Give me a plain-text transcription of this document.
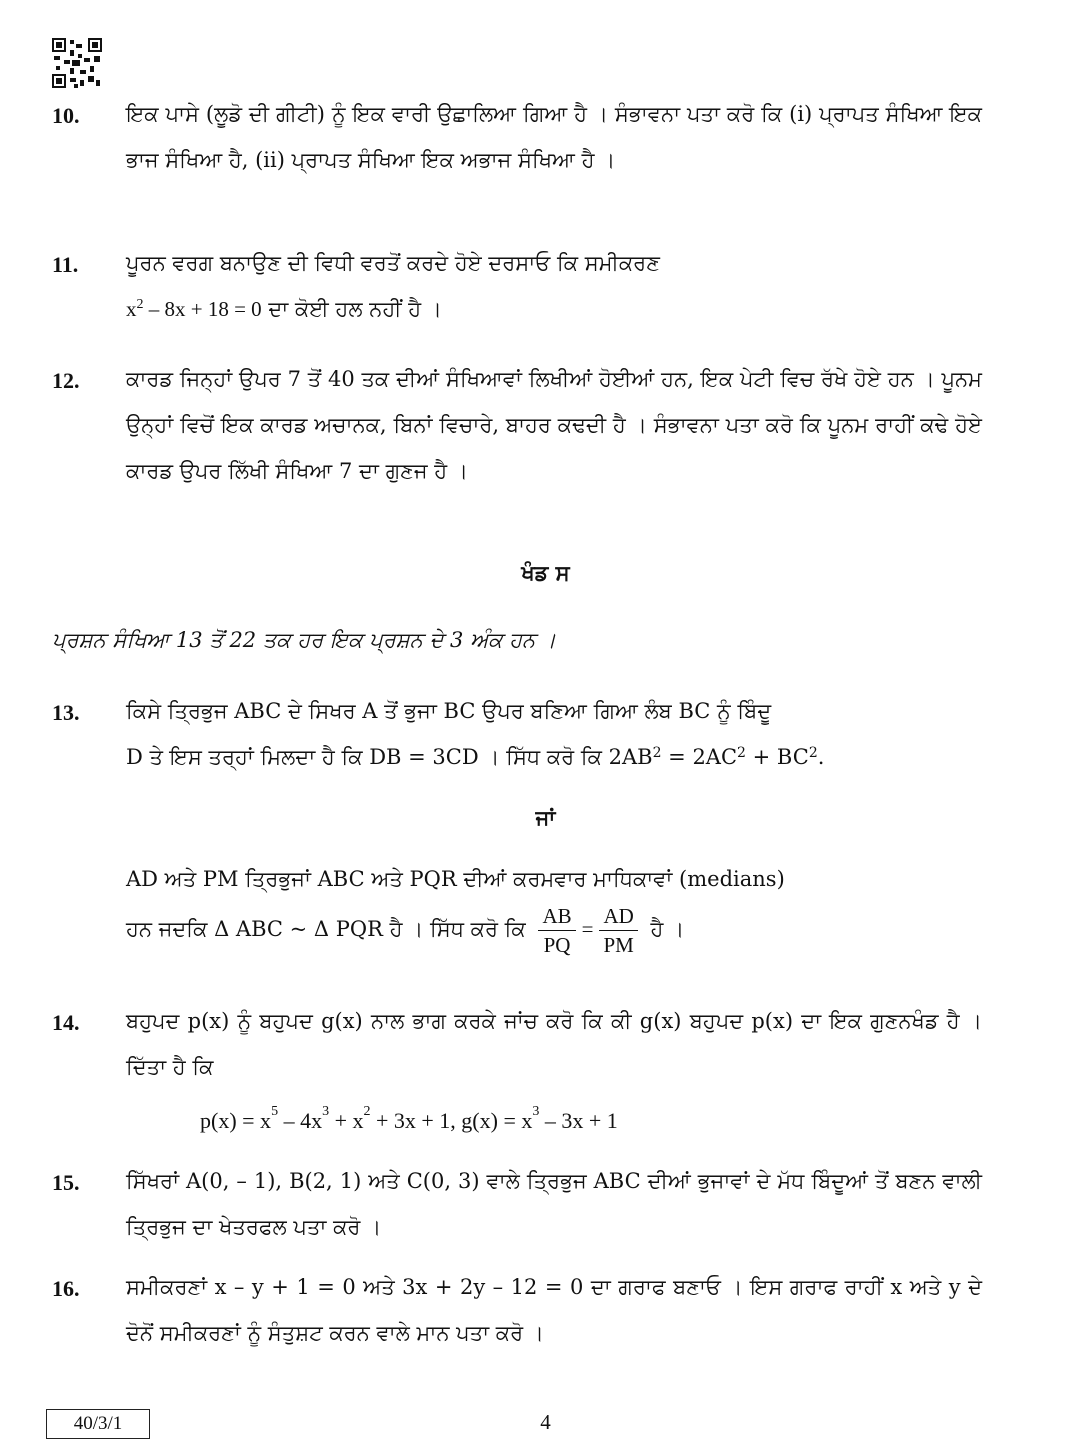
10. ਇਕ ਪਾਸੇ (ਲੂਡੋ ਦੀ ਗੀਟੀ) ਨੂੰ ਇਕ ਵਾਰੀ ਉਛਾਲਿਆ ਗਿਆ ਹੈ । ਸੰਭਾਵਨਾ ਪਤਾ ਕਰੋ ਕਿ (i) ਪ੍ਰਾਪਤ ਸੰਖਿਆ ਇਕ ਭਾਜ ਸੰਖਿਆ ਹੈ, (ii) ਪ੍ਰਾਪਤ ਸੰਖਿਆ ਇਕ ਅਭਾਜ ਸੰਖਿਆ ਹੈ ।
11. ਪੂਰਨ ਵਰਗ ਬਨਾਉਣ ਦੀ ਵਿਧੀ ਵਰਤੋਂ ਕਰਦੇ ਹੋਏ ਦਰਸਾਓ ਕਿ ਸਮੀਕਰਣ
$x^2 - 8x + 18 = 0$ ਦਾ ਕੋਈ ਹਲ ਨਹੀਂ ਹੈ ।
12. ਕਾਰਡ ਜਿਨ੍ਹਾਂ ਉਪਰ 7 ਤੋਂ 40 ਤਕ ਦੀਆਂ ਸੰਖਿਆਵਾਂ ਲਿਖੀਆਂ ਹੋਈਆਂ ਹਨ, ਇਕ ਪੇਟੀ ਵਿਚ ਰੱਖੇ ਹੋਏ ਹਨ । ਪੂਨਮ ਉਨ੍ਹਾਂ ਵਿਚੋਂ ਇਕ ਕਾਰਡ ਅਚਾਨਕ, ਬਿਨਾਂ ਵਿਚਾਰੇ, ਬਾਹਰ ਕਢਦੀ ਹੈ । ਸੰਭਾਵਨਾ ਪਤਾ ਕਰੋ ਕਿ ਪੂਨਮ ਰਾਹੀਂ ਕਢੇ ਹੋਏ ਕਾਰਡ ਉਪਰ ਲਿੱਖੀ ਸੰਖਿਆ 7 ਦਾ ਗੁਣਜ ਹੈ ।
ਖੰਡ ਸ
ਪ੍ਰਸ਼ਨ ਸੰਖਿਆ 13 ਤੋਂ 22 ਤਕ ਹਰ ਇਕ ਪ੍ਰਸ਼ਨ ਦੇ 3 ਅੰਕ ਹਨ ।
13. ਕਿਸੇ ਤ੍ਰਿਭੁਜ ABC ਦੇ ਸਿਖਰ A ਤੋਂ ਭੁਜਾ BC ਉਪਰ ਬਣਿਆ ਗਿਆ ਲੰਬ BC ਨੂੰ ਬਿੰਦੂ
D ਤੇ ਇਸ ਤਰ੍ਹਾਂ ਮਿਲਦਾ ਹੈ ਕਿ DB = 3CD । ਸਿੱਧ ਕਰੋ ਕਿ $2AB^2 = 2AC^2 + BC^2$.
ਜਾਂ
AD ਅਤੇ PM ਤ੍ਰਿਭੁਜਾਂ ABC ਅਤੇ PQR ਦੀਆਂ ਕਰਮਵਾਰ ਮਾਧਿਕਾਵਾਂ (medians)
ਹਨ ਜਦਕਿ Δ ABC ~ Δ PQR ਹੈ । ਸਿੱਧ ਕਰੋ ਕਿ $\frac{AB}{PQ} = \frac{AD}{PM}$ ਹੈ ।
14. ਬਹੁਪਦ p(x) ਨੂੰ ਬਹੁਪਦ g(x) ਨਾਲ ਭਾਗ ਕਰਕੇ ਜਾਂਚ ਕਰੋ ਕਿ ਕੀ g(x) ਬਹੁਪਦ p(x) ਦਾ ਇਕ ਗੁਣਨਖੰਡ ਹੈ । ਦਿੱਤਾ ਹੈ ਕਿ
$p(x) = x^5 - 4x^3 + x^2 + 3x + 1$, $g(x) = x^3 - 3x + 1$
15. ਸਿੱਖਰਾਂ A(0, – 1), B(2, 1) ਅਤੇ C(0, 3) ਵਾਲੇ ਤ੍ਰਿਭੁਜ ABC ਦੀਆਂ ਭੁਜਾਵਾਂ ਦੇ ਮੱਧ ਬਿੰਦੂਆਂ ਤੋਂ ਬਣਨ ਵਾਲੀ ਤ੍ਰਿਭੁਜ ਦਾ ਖੇਤਰਫਲ ਪਤਾ ਕਰੋ ।
16. ਸਮੀਕਰਣਾਂ x – y + 1 = 0 ਅਤੇ 3x + 2y – 12 = 0 ਦਾ ਗਰਾਫ ਬਣਾਓ । ਇਸ ਗਰਾਫ ਰਾਹੀਂ x ਅਤੇ y ਦੇ ਦੋਨੋਂ ਸਮੀਕਰਣਾਂ ਨੂੰ ਸੰਤੁਸ਼ਟ ਕਰਨ ਵਾਲੇ ਮਾਨ ਪਤਾ ਕਰੋ ।
40/3/1	4
